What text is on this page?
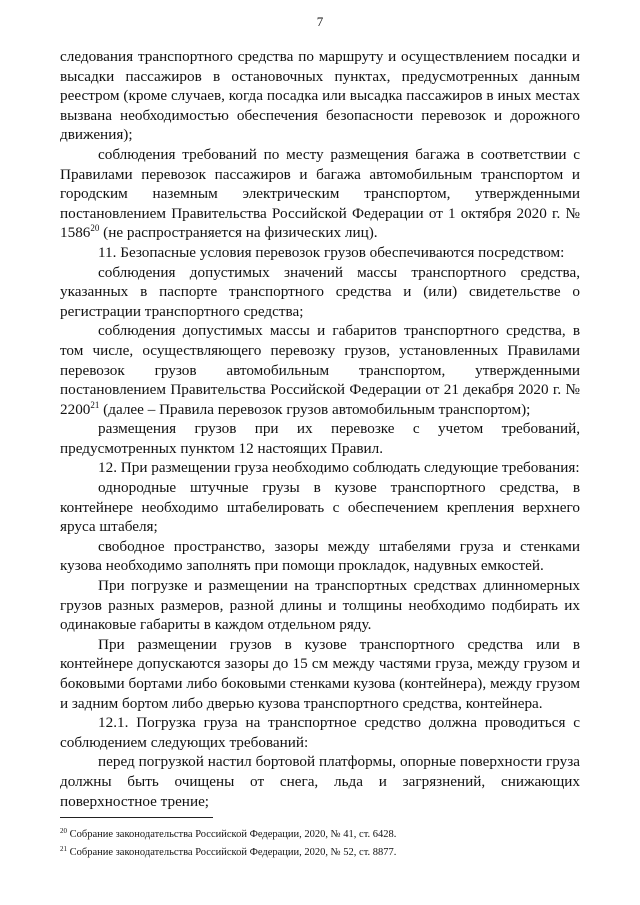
7

следования транспортного средства по маршруту и осуществлением посадки и высадки пассажиров в остановочных пунктах, предусмотренных данным реестром (кроме случаев, когда посадка или высадка пассажиров в иных местах вызвана необходимостью обеспечения безопасности перевозок и дорожного движения);

соблюдения требований по месту размещения багажа в соответствии с Правилами перевозок пассажиров и багажа автомобильным транспортом и городским наземным электрическим транспортом, утвержденными постановлением Правительства Российской Федерации от 1 октября 2020 г. № 1586$^{20}$ (не распространяется на физических лиц).

11. Безопасные условия перевозок грузов обеспечиваются посредством:

соблюдения допустимых значений массы транспортного средства, указанных в паспорте транспортного средства и (или) свидетельстве о регистрации транспортного средства;

соблюдения допустимых массы и габаритов транспортного средства, в том числе, осуществляющего перевозку грузов, установленных Правилами перевозок грузов автомобильным транспортом, утвержденными постановлением Правительства Российской Федерации от 21 декабря 2020 г. № 2200$^{21}$ (далее – Правила перевозок грузов автомобильным транспортом);

размещения грузов при их перевозке с учетом требований, предусмотренных пунктом 12 настоящих Правил.

12. При размещении груза необходимо соблюдать следующие требования:

однородные штучные грузы в кузове транспортного средства, в контейнере необходимо штабелировать с обеспечением крепления верхнего яруса штабеля;

свободное пространство, зазоры между штабелями груза и стенками кузова необходимо заполнять при помощи прокладок, надувных емкостей.

При погрузке и размещении на транспортных средствах длинномерных грузов разных размеров, разной длины и толщины необходимо подбирать их одинаковые габариты в каждом отдельном ряду.

При размещении грузов в кузове транспортного средства или в контейнере допускаются зазоры до 15 см между частями груза, между грузом и боковыми бортами либо боковыми стенками кузова (контейнера), между грузом и задним бортом либо дверью кузова транспортного средства, контейнера.

12.1. Погрузка груза на транспортное средство должна проводиться с соблюдением следующих требований:

перед погрузкой настил бортовой платформы, опорные поверхности груза должны быть очищены от снега, льда и загрязнений, снижающих поверхностное трение;

$^{20}$ Собрание законодательства Российской Федерации, 2020, № 41, ст. 6428.
$^{21}$ Собрание законодательства Российской Федерации, 2020, № 52, ст. 8877.
